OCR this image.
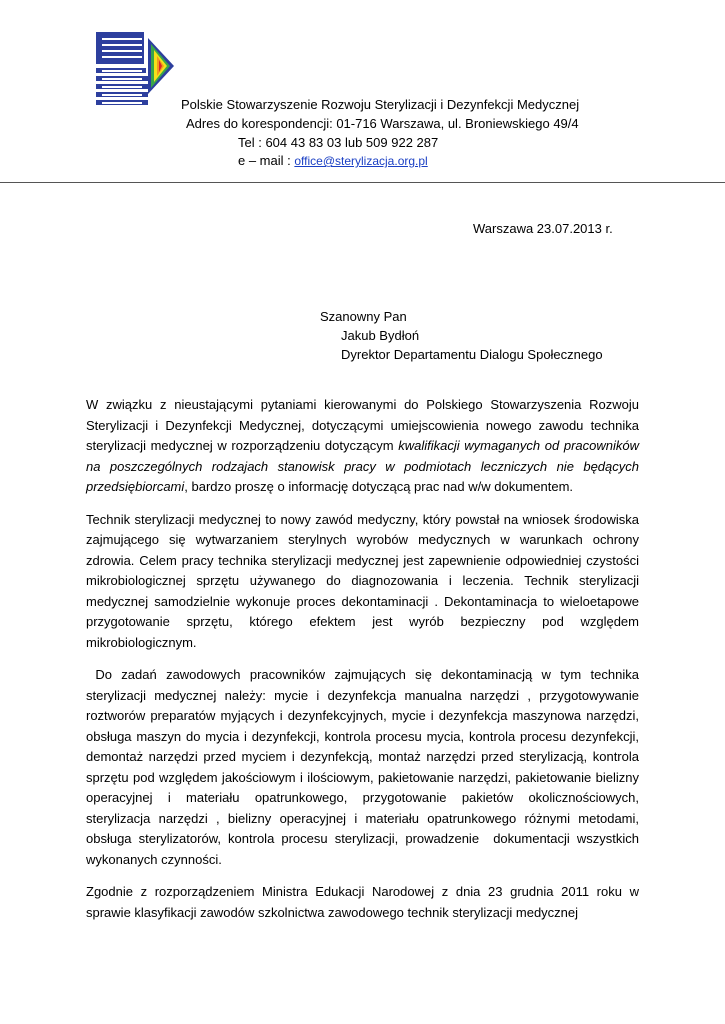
Polskie Stowarzyszenie Rozwoju Sterylizacji i Dezynfekcji Medycznej
Adres do korespondencji: 01-716 Warszawa, ul. Broniewskiego 49/4
Tel : 604 43 83 03 lub 509 922 287
e – mail : office@sterylizacja.org.pl
Warszawa 23.07.2013 r.
Szanowny Pan
Jakub Bydłoń
Dyrektor Departamentu Dialogu Społecznego

W związku z nieustającymi pytaniami kierowanymi do Polskiego Stowarzyszenia Rozwoju Sterylizacji i Dezynfekcji Medycznej, dotyczącymi umiejscowienia nowego zawodu technika sterylizacji medycznej w rozporządzeniu dotyczącym kwalifikacji wymaganych od pracowników na poszczególnych rodzajach stanowisk pracy w podmiotach leczniczych nie będących przedsiębiorcami, bardzo proszę o informację dotyczącą prac nad w/w dokumentem.

Technik sterylizacji medycznej to nowy zawód medyczny, który powstał na wniosek środowiska zajmującego się wytwarzaniem sterylnych wyrobów medycznych w warunkach ochrony zdrowia. Celem pracy technika sterylizacji medycznej jest zapewnienie odpowiedniej czystości mikrobiologicznej sprzętu używanego do diagnozowania i leczenia. Technik sterylizacji medycznej samodzielnie wykonuje proces dekontaminacji . Dekontaminacja to wieloetapowe przygotowanie sprzętu, którego efektem jest wyrób bezpieczny pod względem mikrobiologicznym.

Do zadań zawodowych pracowników zajmujących się dekontaminacją w tym technika sterylizacji medycznej należy: mycie i dezynfekcja manualna narzędzi , przygotowywanie roztworów preparatów myjących i dezynfekcyjnych, mycie i dezynfekcja maszynowa narzędzi, obsługa maszyn do mycia i dezynfekcji, kontrola procesu mycia, kontrola procesu dezynfekcji, demontaż narzędzi przed myciem i dezynfekcją, montaż narzędzi przed sterylizacją, kontrola sprzętu pod względem jakościowym i ilościowym, pakietowanie narzędzi, pakietowanie bielizny operacyjnej i materiału opatrunkowego, przygotowanie pakietów okolicznościowych,   sterylizacja narzędzi , bielizny operacyjnej i materiału opatrunkowego różnymi metodami, obsługa sterylizatorów, kontrola procesu sterylizacji, prowadzenie  dokumentacji wszystkich wykonanych czynności.

Zgodnie z rozporządzeniem Ministra Edukacji Narodowej z dnia 23 grudnia 2011 roku w sprawie klasyfikacji zawodów szkolnictwa zawodowego technik sterylizacji medycznej
